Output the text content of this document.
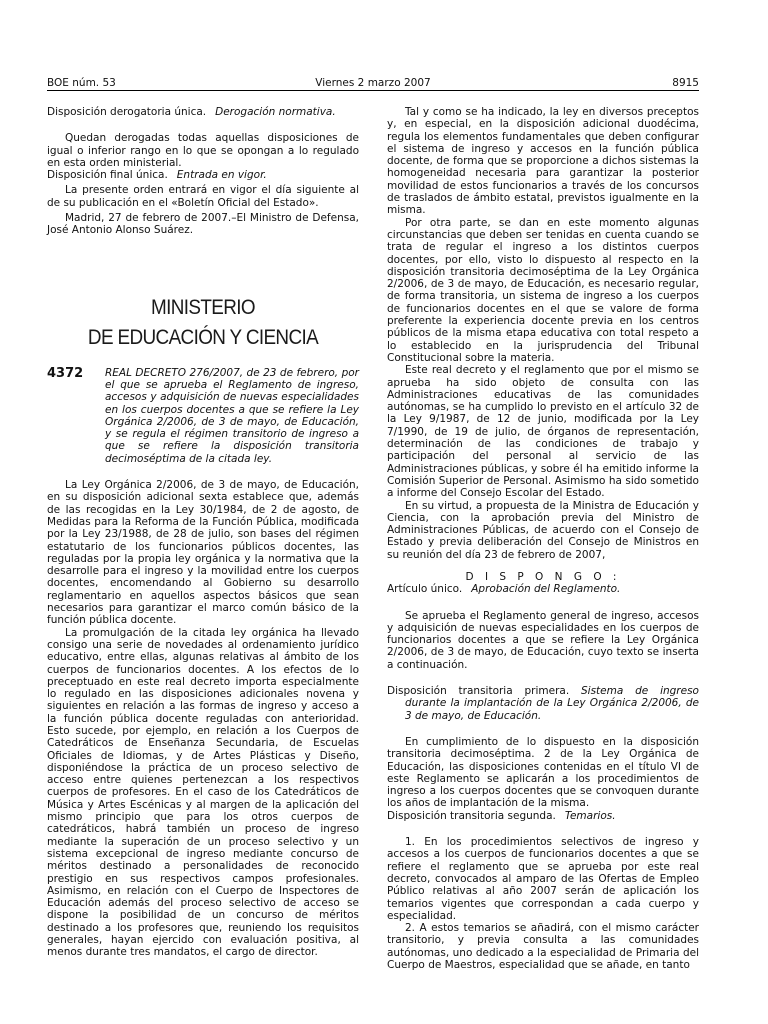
BOE núm. 53	Viernes 2 marzo 2007	8915

Disposición derogatoria única. Derogación normativa.

Quedan derogadas todas aquellas disposiciones de igual o inferior rango en lo que se opongan a lo regulado en esta orden ministerial.

Disposición final única. Entrada en vigor.

La presente orden entrará en vigor el día siguiente al de su publicación en el «Boletín Oficial del Estado».

Madrid, 27 de febrero de 2007.–El Ministro de Defensa, José Antonio Alonso Suárez.

MINISTERIO
DE EDUCACIÓN Y CIENCIA
4372	REAL DECRETO 276/2007, de 23 de febrero, por el que se aprueba el Reglamento de ingreso, accesos y adquisición de nuevas especialidades en los cuerpos docentes a que se refiere la Ley Orgánica 2/2006, de 3 de mayo, de Educación, y se regula el régimen transitorio de ingreso a que se refiere la disposición transitoria decimoséptima de la citada ley.

La Ley Orgánica 2/2006, de 3 de mayo, de Educación, en su disposición adicional sexta establece que, además de las recogidas en la Ley 30/1984, de 2 de agosto, de Medidas para la Reforma de la Función Pública, modificada por la Ley 23/1988, de 28 de julio, son bases del régimen estatutario de los funcionarios públicos docentes, las reguladas por la propia ley orgánica y la normativa que la desarrolle para el ingreso y la movilidad entre los cuerpos docentes, encomendando al Gobierno su desarrollo reglamentario en aquellos aspectos básicos que sean necesarios para garantizar el marco común básico de la función pública docente.

La promulgación de la citada ley orgánica ha llevado consigo una serie de novedades al ordenamiento jurídico educativo, entre ellas, algunas relativas al ámbito de los cuerpos de funcionarios docentes. A los efectos de lo preceptuado en este real decreto importa especialmente lo regulado en las disposiciones adicionales novena y siguientes en relación a las formas de ingreso y acceso a la función pública docente reguladas con anterioridad. Esto sucede, por ejemplo, en relación a los Cuerpos de Catedráticos de Enseñanza Secundaria, de Escuelas Oficiales de Idiomas, y de Artes Plásticas y Diseño, disponiéndose la práctica de un proceso selectivo de acceso entre quienes pertenezcan a los respectivos cuerpos de profesores. En el caso de los Catedráticos de Música y Artes Escénicas y al margen de la aplicación del mismo principio que para los otros cuerpos de catedráticos, habrá también un proceso de ingreso mediante la superación de un proceso selectivo y un sistema excepcional de ingreso mediante concurso de méritos destinado a personalidades de reconocido prestigio en sus respectivos campos profesionales. Asimismo, en relación con el Cuerpo de Inspectores de Educación además del proceso selectivo de acceso se dispone la posibilidad de un concurso de méritos destinado a los profesores que, reuniendo los requisitos generales, hayan ejercido con evaluación positiva, al menos durante tres mandatos, el cargo de director.

Tal y como se ha indicado, la ley en diversos preceptos y, en especial, en la disposición adicional duodécima, regula los elementos fundamentales que deben configurar el sistema de ingreso y accesos en la función pública docente, de forma que se proporcione a dichos sistemas la homogeneidad necesaria para garantizar la posterior movilidad de estos funcionarios a través de los concursos de traslados de ámbito estatal, previstos igualmente en la misma.

Por otra parte, se dan en este momento algunas circunstancias que deben ser tenidas en cuenta cuando se trata de regular el ingreso a los distintos cuerpos docentes, por ello, visto lo dispuesto al respecto en la disposición transitoria decimoséptima de la Ley Orgánica 2/2006, de 3 de mayo, de Educación, es necesario regular, de forma transitoria, un sistema de ingreso a los cuerpos de funcionarios docentes en el que se valore de forma preferente la experiencia docente previa en los centros públicos de la misma etapa educativa con total respeto a lo establecido en la jurisprudencia del Tribunal Constitucional sobre la materia.

Este real decreto y el reglamento que por el mismo se aprueba ha sido objeto de consulta con las Administraciones educativas de las comunidades autónomas, se ha cumplido lo previsto en el artículo 32 de la Ley 9/1987, de 12 de junio, modificada por la Ley 7/1990, de 19 de julio, de órganos de representación, determinación de las condiciones de trabajo y participación del personal al servicio de las Administraciones públicas, y sobre él ha emitido informe la Comisión Superior de Personal. Asimismo ha sido sometido a informe del Consejo Escolar del Estado.

En su virtud, a propuesta de la Ministra de Educación y Ciencia, con la aprobación previa del Ministro de Administraciones Públicas, de acuerdo con el Consejo de Estado y previa deliberación del Consejo de Ministros en su reunión del día 23 de febrero de 2007,

D I S P O N G O :

Artículo único. Aprobación del Reglamento.

Se aprueba el Reglamento general de ingreso, accesos y adquisición de nuevas especialidades en los cuerpos de funcionarios docentes a que se refiere la Ley Orgánica 2/2006, de 3 de mayo, de Educación, cuyo texto se inserta a continuación.

Disposición transitoria primera. Sistema de ingreso durante la implantación de la Ley Orgánica 2/2006, de 3 de mayo, de Educación.

En cumplimiento de lo dispuesto en la disposición transitoria decimoséptima. 2 de la Ley Orgánica de Educación, las disposiciones contenidas en el título VI de este Reglamento se aplicarán a los procedimientos de ingreso a los cuerpos docentes que se convoquen durante los años de implantación de la misma.

Disposición transitoria segunda. Temarios.

1. En los procedimientos selectivos de ingreso y accesos a los cuerpos de funcionarios docentes a que se refiere el reglamento que se aprueba por este real decreto, convocados al amparo de las Ofertas de Empleo Público relativas al año 2007 serán de aplicación los temarios vigentes que correspondan a cada cuerpo y especialidad.

2. A estos temarios se añadirá, con el mismo carácter transitorio, y previa consulta a las comunidades autónomas, uno dedicado a la especialidad de Primaria del Cuerpo de Maestros, especialidad que se añade, en tanto
